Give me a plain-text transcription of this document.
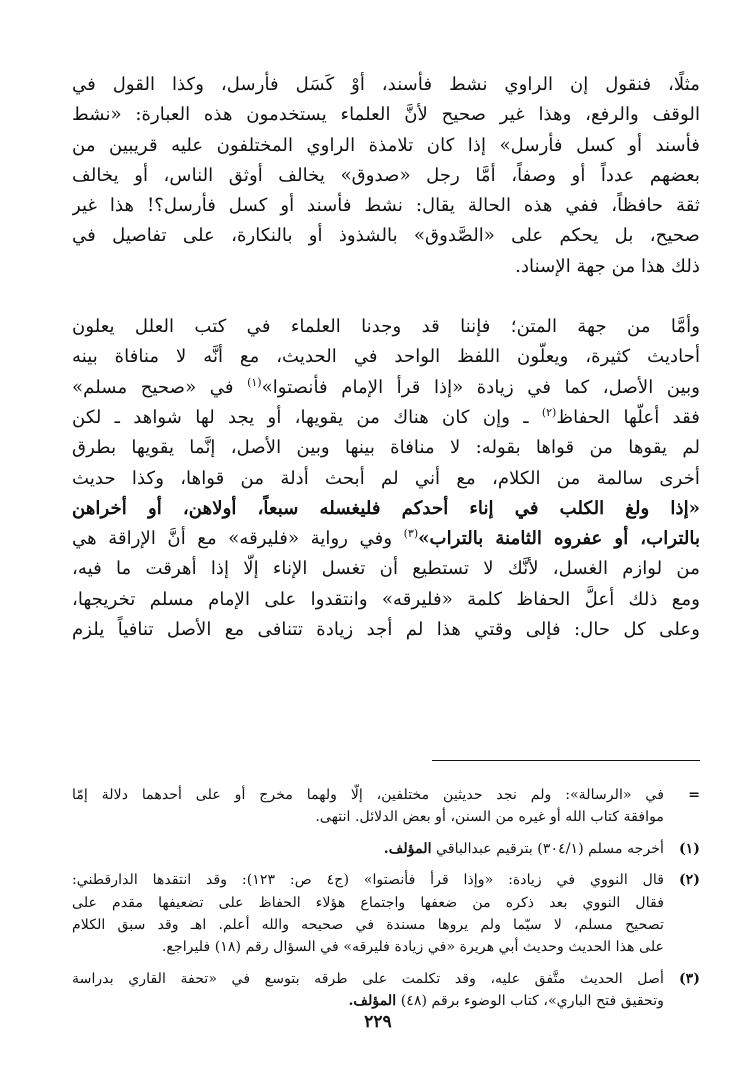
مثلًا، فنقول إن الراوي نشط فأسند، أوْ كَسَل فأرسل، وكذا القول في
الوقف والرفع، وهذا غير صحيح لأنَّ العلماء يستخدمون هذه العبارة: «نشط
فأسند أو كسل فأرسل» إذا كان تلامذة الراوي المختلفون عليه قريبين من
بعضهم عدداً أو وصفاً، أمَّا رجل «صدوق» يخالف أوثق الناس، أو يخالف
ثقة حافظاً، ففي هذه الحالة يقال: نشط فأسند أو كسل فأرسل؟! هذا غير
صحيح، بل يحكم على «الصَّدوق» بالشذوذ أو بالنكارة، على تفاصيل في
ذلك هذا من جهة الإسناد.

وأمَّا من جهة المتن؛ فإننا قد وجدنا العلماء في كتب العلل يعلون
أحاديث كثيرة، ويعلُّون اللفظ الواحد في الحديث، مع أنَّه لا منافاة بينه
وبين الأصل، كما في زيادة «إذا قرأ الإمام فأنصتوا»$^{(١)}$ في «صحيح مسلم»
فقد أعلَّها الحفاظ$^{(٢)}$ ـ وإن كان هناك من يقويها، أو يجد لها شواهد ـ لكن
لم يقوها من قواها بقوله: لا منافاة بينها وبين الأصل، إنَّما يقويها بطرق
أخرى سالمة من الكلام، مع أني لم أبحث أدلة من قواها، وكذا حديث
«إذا ولغ الكلب في إناء أحدكم فليغسله سبعاً، أولاهن، أو أخراهن
بالتراب، أو عفروه الثامنة بالتراب»$^{(٣)}$ وفي رواية «فليرقه» مع أنَّ الإراقة هي
من لوازم الغسل، لأنَّك لا تستطيع أن تغسل الإناء إلَّا إذا أهرقت ما فيه،
ومع ذلك أعلَّ الحفاظ كلمة «فليرقه» وانتقدوا على الإمام مسلم تخريجها،
وعلى كل حال: فإلى وقتي هذا لم أجد زيادة تتنافى مع الأصل تنافياً يلزم

=
في «الرسالة»: ولم نجد حديثين مختلفين، إلَّا ولهما مخرج أو على أحدهما دلالة إمّا
موافقة كتاب الله أو غيره من السنن، أو بعض الدلائل. انتهى.
(١)
أخرجه مسلم (٣٠٤/١) بترقيم عبدالباقي المؤلف.
(٢)
قال النووي في زيادة: «وإذا قرأ فأنصتوا» (ج٤ ص: ١٢٣): وقد انتقدها الدارقطني:
فقال النووي بعد ذكره من ضعفها واجتماع هؤلاء الحفاظ على تضعيفها مقدم على
تصحيح مسلم، لا سيّما ولم يروها مسندة في صحيحه والله أعلم. اهـ وقد سبق الكلام
على هذا الحديث وحديث أبي هريرة «في زيادة فليرقه» في السؤال رقم (١٨) فليراجع.
(٣)
أصل الحديث متَّفق عليه، وقد تكلمت على طرقه بتوسع في «تحفة القاري بدراسة
وتحقيق فتح الباري»، كتاب الوضوء برقم (٤٨) المؤلف.
٢٢٩
